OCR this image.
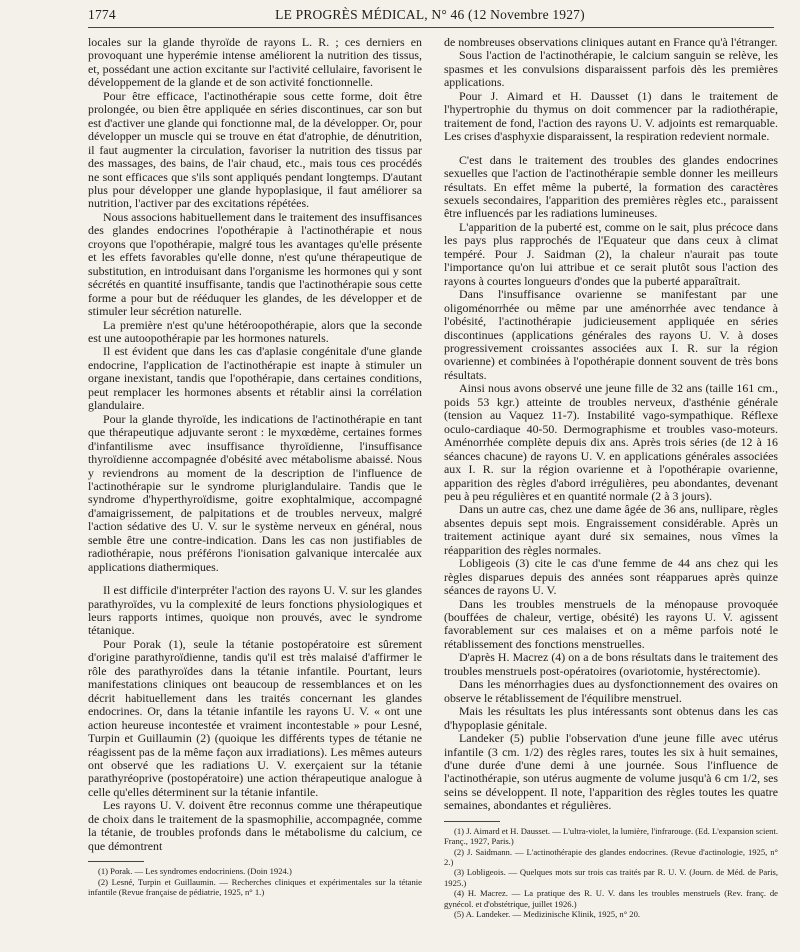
1774	LE PROGRÈS MÉDICAL, N° 46 (12 Novembre 1927)

locales sur la glande thyroïde de rayons L. R. ; ces derniers en provoquant une hyperémie intense améliorent la nutrition des tissus, et, possédant une action excitante sur l'activité cellulaire, favorisent le développement de la glande et de son activité fonctionnelle.

Pour être efficace, l'actinothérapie sous cette forme, doit être prolongée, ou bien être appliquée en séries discontinues, car son but est d'activer une glande qui fonctionne mal, de la développer. Or, pour développer un muscle qui se trouve en état d'atrophie, de dénutrition, il faut augmenter la circulation, favoriser la nutrition des tissus par des massages, des bains, de l'air chaud, etc., mais tous ces procédés ne sont efficaces que s'ils sont appliqués pendant longtemps. D'autant plus pour développer une glande hypoplasique, il faut améliorer sa nutrition, l'activer par des excitations répétées.

Nous associons habituellement dans le traitement des insuffisances des glandes endocrines l'opothérapie à l'actinothérapie et nous croyons que l'opothérapie, malgré tous les avantages qu'elle présente et les effets favorables qu'elle donne, n'est qu'une thérapeutique de substitution, en introduisant dans l'organisme les hormones qui y sont sécrétés en quantité insuffisante, tandis que l'actinothérapie sous cette forme a pour but de rééduquer les glandes, de les développer et de stimuler leur sécrétion naturelle.

La première n'est qu'une hétéroopothérapie, alors que la seconde est une autoopothérapie par les hormones naturels.

Il est évident que dans les cas d'aplasie congénitale d'une glande endocrine, l'application de l'actinothérapie est inapte à stimuler un organe inexistant, tandis que l'opothérapie, dans certaines conditions, peut remplacer les hormones absents et rétablir ainsi la corrélation glandulaire.

Pour la glande thyroïde, les indications de l'actinothérapie en tant que thérapeutique adjuvante seront : le myxœdème, certaines formes d'infantilisme avec insuffisance thyroïdienne, l'insuffisance thyroïdienne accompagnée d'obésité avec métabolisme abaissé. Nous y reviendrons au moment de la description de l'influence de l'actinothérapie sur le syndrome pluriglandulaire. Tandis que le syndrome d'hyperthyroïdisme, goitre exophtalmique, accompagné d'amaigrissement, de palpitations et de troubles nerveux, malgré l'action sédative des U. V. sur le système nerveux en général, nous semble être une contre-indication. Dans les cas non justifiables de radiothérapie, nous préférons l'ionisation galvanique intercalée aux applications diathermiques.

Il est difficile d'interpréter l'action des rayons U. V. sur les glandes parathyroïdes, vu la complexité de leurs fonctions physiologiques et leurs rapports intimes, quoique non prouvés, avec le syndrome tétanique.

Pour Porak (1), seule la tétanie postopératoire est sûrement d'origine parathyroïdienne, tandis qu'il est très malaisé d'affirmer le rôle des parathyroïdes dans la tétanie infantile. Pourtant, leurs manifestations cliniques ont beaucoup de ressemblances et on les décrit habituellement dans les traités concernant les glandes endocrines. Or, dans la tétanie infantile les rayons U. V. « ont une action heureuse incontestée et vraiment incontestable » pour Lesné, Turpin et Guillaumin (2) (quoique les différents types de tétanie ne réagissent pas de la même façon aux irradiations). Les mêmes auteurs ont observé que les radiations U. V. exerçaient sur la tétanie parathyréoprive (postopératoire) une action thérapeutique analogue à celle qu'elles déterminent sur la tétanie infantile.

Les rayons U. V. doivent être reconnus comme une thérapeutique de choix dans le traitement de la spasmophilie, accompagnée, comme la tétanie, de troubles profonds dans le métabolisme du calcium, ce que démontrent

(1) Porak. — Les syndromes endocriniens. (Doin 1924.)

(2) Lesné, Turpin et Guillaumin. — Recherches cliniques et expérimentales sur la tétanie infantile (Revue française de pédiatrie, 1925, n° 1.)

de nombreuses observations cliniques autant en France qu'à l'étranger.

Sous l'action de l'actinothérapie, le calcium sanguin se relève, les spasmes et les convulsions disparaissent parfois dès les premières applications.

Pour J. Aimard et H. Dausset (1) dans le traitement de l'hypertrophie du thymus on doit commencer par la radiothérapie, traitement de fond, l'action des rayons U. V. adjoints est remarquable. Les crises d'asphyxie disparaissent, la respiration redevient normale.

C'est dans le traitement des troubles des glandes endocrines sexuelles que l'action de l'actinothérapie semble donner les meilleurs résultats. En effet même la puberté, la formation des caractères sexuels secondaires, l'apparition des premières règles etc., paraissent être influencés par les radiations lumineuses.

L'apparition de la puberté est, comme on le sait, plus précoce dans les pays plus rapprochés de l'Equateur que dans ceux à climat tempéré. Pour J. Saidman (2), la chaleur n'aurait pas toute l'importance qu'on lui attribue et ce serait plutôt sous l'action des rayons à courtes longueurs d'ondes que la puberté apparaîtrait.

Dans l'insuffisance ovarienne se manifestant par une oligoménorrhée ou même par une aménorrhée avec tendance à l'obésité, l'actinothérapie judicieusement appliquée en séries discontinues (applications générales des rayons U. V. à doses progressivement croissantes associées aux I. R. sur la région ovarienne) et combinées à l'opothérapie donnent souvent de très bons résultats.

Ainsi nous avons observé une jeune fille de 32 ans (taille 161 cm., poids 53 kgr.) atteinte de troubles nerveux, d'asthénie générale (tension au Vaquez 11-7). Instabilité vago-sympathique. Réflexe oculo-cardiaque 40-50. Dermographisme et troubles vaso-moteurs. Aménorrhée complète depuis dix ans. Après trois séries (de 12 à 16 séances chacune) de rayons U. V. en applications générales associées aux I. R. sur la région ovarienne et à l'opothérapie ovarienne, apparition des règles d'abord irrégulières, peu abondantes, devenant peu à peu régulières et en quantité normale (2 à 3 jours).

Dans un autre cas, chez une dame âgée de 36 ans, nullipare, règles absentes depuis sept mois. Engraissement considérable. Après un traitement actinique ayant duré six semaines, nous vîmes la réapparition des règles normales.

Lobligeois (3) cite le cas d'une femme de 44 ans chez qui les règles disparues depuis des années sont réapparues après quinze séances de rayons U. V.

Dans les troubles menstruels de la ménopause provoquée (bouffées de chaleur, vertige, obésité) les rayons U. V. agissent favorablement sur ces malaises et on a même parfois noté le rétablissement des fonctions menstruelles.

D'après H. Macrez (4) on a de bons résultats dans le traitement des troubles menstruels post-opératoires (ovariotomie, hystérectomie).

Dans les ménorrhagies dues au dysfonctionnement des ovaires on observe le rétablissement de l'équilibre menstruel.

Mais les résultats les plus intéressants sont obtenus dans les cas d'hypoplasie génitale.

Landeker (5) publie l'observation d'une jeune fille avec utérus infantile (3 cm. 1/2) des règles rares, toutes les six à huit semaines, d'une durée d'une demi à une journée. Sous l'influence de l'actinothérapie, son utérus augmente de volume jusqu'à 6 cm 1/2, ses seins se développent. Il note, l'apparition des règles toutes les quatre semaines, abondantes et régulières.

(1) J. Aimard et H. Dausset. — L'ultra-violet, la lumière, l'infrarouge. (Ed. L'expansion scient. Franç., 1927, Paris.)

(2) J. Saidmann. — L'actinothérapie des glandes endocrines. (Revue d'actinologie, 1925, n° 2.)

(3) Lobligeois. — Quelques mots sur trois cas traités par R. U. V. (Journ. de Méd. de Paris, 1925.)

(4) H. Macrez. — La pratique des R. U. V. dans les troubles menstruels (Rev. franç. de gynécol. et d'obstétrique, juillet 1926.)

(5) A. Landeker. — Medizinische Klinik, 1925, n° 20.
